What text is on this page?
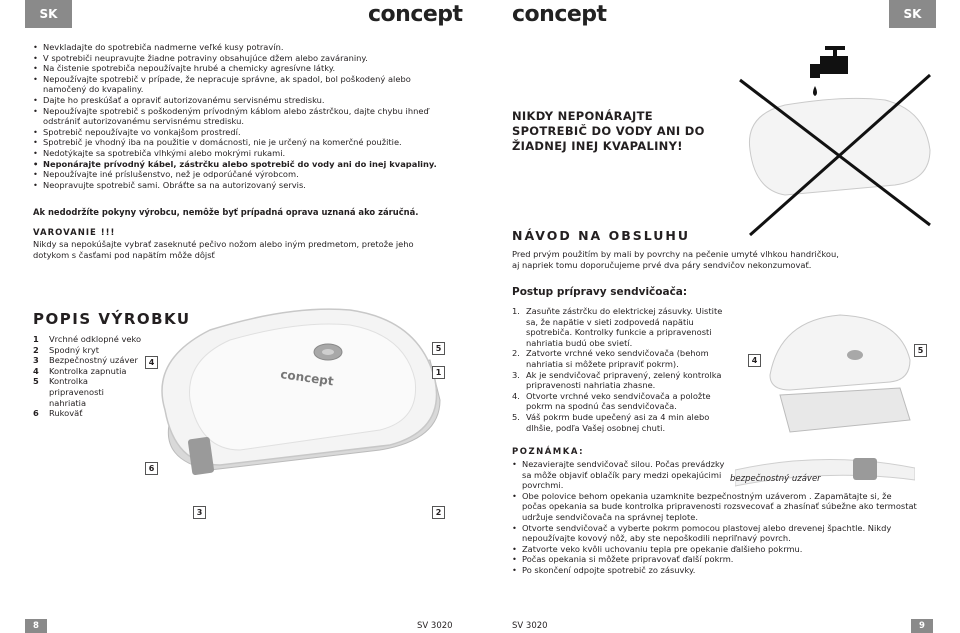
SK	concept concept	SK
• Nevkladajte do spotrebiča nadmerne veľké kusy potravín.
• V spotrebiči neupravujte žiadne potraviny obsahujúce džem alebo zaváraniny.
• Na čistenie spotrebiča nepoužívajte hrubé a chemicky agresívne látky.
• Nepoužívajte spotrebič v prípade, že nepracuje správne, ak spadol, bol poškodený alebo namočený do kvapaliny.
• Dajte ho preskúšať a opraviť autorizovanému servisnému stredisku.
• Nepoužívajte spotrebič s poškodeným prívodným káblom alebo zástrčkou, dajte chybu ihneď odstrániť autorizovanému servisnému stredisku.
• Spotrebič nepoužívajte vo vonkajšom prostredí.
• Spotrebič je vhodný iba na použitie v domácnosti, nie je určený na komerčné použitie.
• Nedotýkajte sa spotrebiča vlhkými alebo mokrými rukami.
• Neponárajte prívodný kábel, zástrčku alebo spotrebič do vody ani do inej kvapaliny.
• Nepoužívajte iné príslušenstvo, než je odporúčané výrobcom.
• Neopravujte spotrebič sami. Obráťte sa na autorizovaný servis.
Ak nedodržíte pokyny výrobcu, nemôže byť prípadná oprava uznaná ako záručná.
VAROVANIE !!!
Nikdy sa nepokúšajte vybrať zaseknuté pečivo nožom alebo iným predmetom, pretože jeho dotykom s časťami pod napätím môže dôjsť
POPIS VÝROBKU
1	Vrchné odklopné veko
2	Spodný kryt
3	Bezpečnostný uzáver
4	Kontrolka zapnutia
5	Kontrolka pripravenosti nahriatia
6	Rukoväť
concept
4
5
1
6
3	2
NIKDY NEPONÁRAJTE SPOTREBIČ DO VODY ANI DO ŽIADNEJ INEJ KVAPALINY!
NÁVOD NA OBSLUHU
Pred prvým použitím by mali by povrchy na pečenie umyté vlhkou handričkou, aj napriek tomu doporučujeme prvé dva páry sendvičov nekonzumovať.
Postup prípravy sendvičoača:
1. Zasuňte zástrčku do elektrickej zásuvky. Uistite sa, že napätie v sieti zodpovedá napätiu spotrebiča. Kontrolky funkcie a pripravenosti nahriatia budú obe svietí.
2. Zatvorte vrchné veko sendvičovača (behom nahriatia si môžete pripraviť pokrm).
3. Ak je sendvičovač pripravený, zelený kontrolka pripravenosti nahriatia zhasne.
4. Otvorte vrchné veko sendvičovača a položte pokrm na spodnú čas sendvičovača.
5. Váš pokrm bude upečený asi za 4 min alebo dlhšie, podľa Vašej osobnej chuti.
4
5
POZNÁMKA:
• Nezavierajte sendvičovač silou. Počas prevádzky sa môže objaviť oblačík pary medzi opekajúcimi povrchmi.
• Obe polovice behom opekania uzamknite bezpečnostným uzáverom . Zapamätajte si, že počas opekania sa bude kontrolka pripravenosti rozsvecovať a zhasínať súbežne ako termostat udržuje sendvičovača na správnej teplote.
• Otvorte sendvičovač a vyberte pokrm pomocou plastovej alebo drevenej špachtle. Nikdy nepoužívajte kovový nôž, aby ste nepoškodili nepriľnavý povrch.
• Zatvorte veko kvôli uchovaniu tepla pre opekanie ďalšieho pokrmu.
• Počas opekania si môžete pripravovať ďalší pokrm.
• Po skončení odpojte spotrebič zo zásuvky.
bezpečnostný uzáver
8	SV 3020	SV 3020	9
